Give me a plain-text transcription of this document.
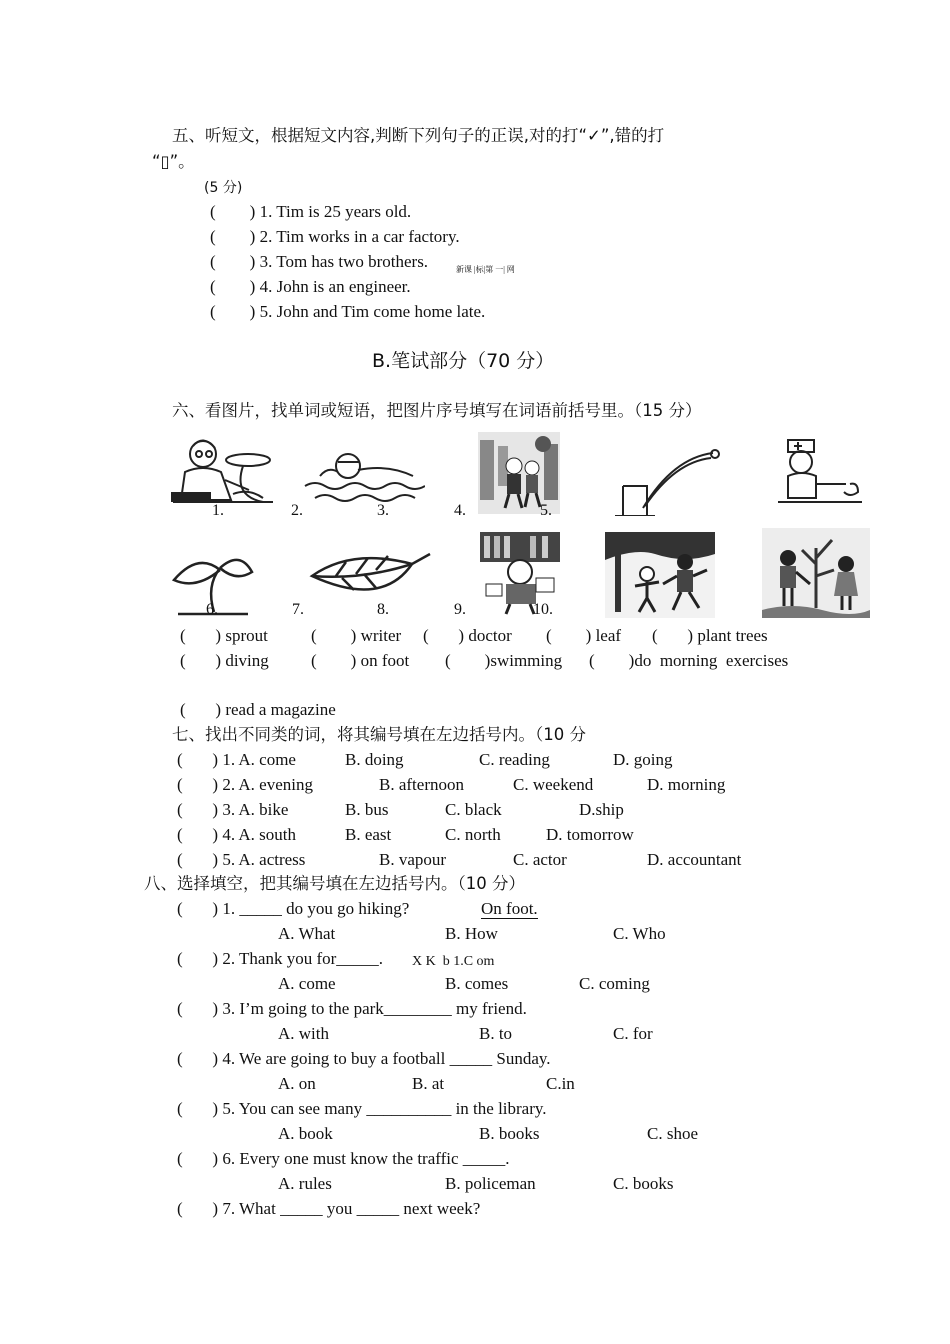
五、听短文，根据短文内容,判断下列句子的正误,对的打“✓”,错的打
“▯”。
(5 分)
(        ) 1. Tim is 25 years old.
(        ) 2. Tim works in a car factory.
(        ) 3. Tom has two brothers.	新课 |标|第 一| 网
(        ) 4. John is an engineer.
(        ) 5. John and Tim come home late.
B.笔试部分（70 分）
六、看图片，找单词或短语，把图片序号填写在词语前括号里。（15 分）
1.	2.	3.	4.	5.
6.	7.	8.	9.	10.
(       ) sprout	(        ) writer (       ) doctor (        ) leaf (       ) plant trees
(       ) diving (        ) on foot (        )swimming (        )do  morning  exercises
(       ) read a magazine
七、找出不同类的词，将其编号填在左边括号内。（10 分
(       ) 1. A. come	B. doing	C. reading	D. going
(       ) 2. A. evening	B. afternoon	C. weekend	D. morning
(       ) 3. A. bike	B. bus	C. black	D.ship
(       ) 4. A. south	B. east	C. north	D. tomorrow
(       ) 5. A. actress	B. vapour	C. actor	D. accountant
八、选择填空，把其编号填在左边括号内。（10 分）
(       ) 1. _____ do you go hiking?	On foot.
A. What	B. How	C. Who
(       ) 2. Thank you for_____. X K  b 1.C om
A. come	B. comes	C. coming
(       ) 3. I’m going to the park________ my friend.
A. with	B. to	C. for
(       ) 4. We are going to buy a football _____ Sunday.
A. on	B. at	C.in
(       ) 5. You can see many __________ in the library.
A. book	B. books	C. shoe
(       ) 6. Every one must know the traffic _____.
A. rules	B. policeman	C. books
(       ) 7. What _____ you _____ next week?
